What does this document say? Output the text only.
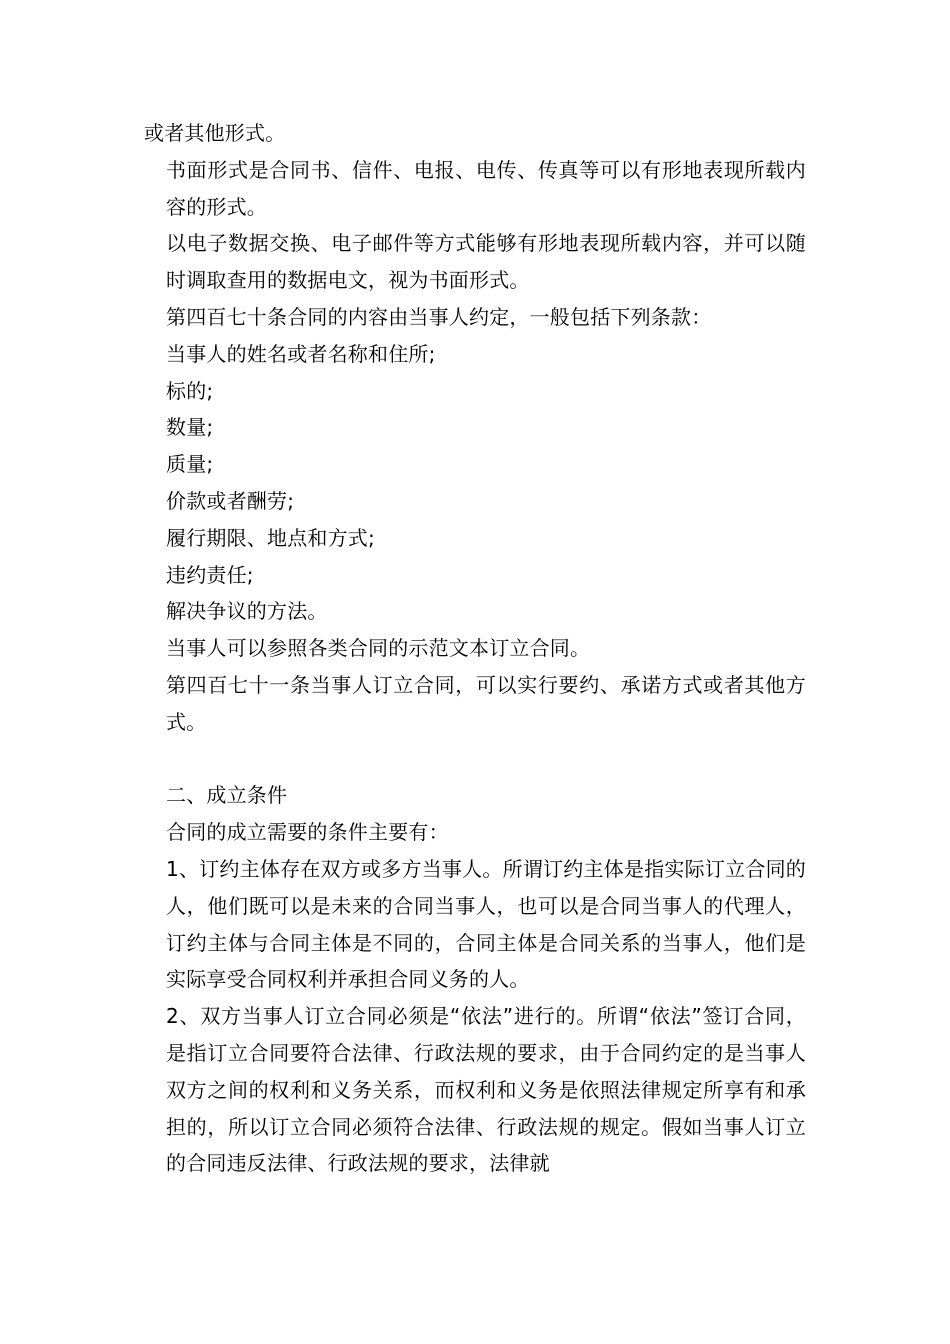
或者其他形式。

书面形式是合同书、信件、电报、电传、传真等可以有形地表现所载内容的形式。

以电子数据交换、电子邮件等方式能够有形地表现所载内容，并可以随时调取查用的数据电文，视为书面形式。

第四百七十条合同的内容由当事人约定，一般包括下列条款：

当事人的姓名或者名称和住所;

标的;

数量;

质量;

价款或者酬劳;

履行期限、地点和方式;

违约责任;

解决争议的方法。

当事人可以参照各类合同的示范文本订立合同。

第四百七十一条当事人订立合同，可以实行要约、承诺方式或者其他方式。

二、成立条件

合同的成立需要的条件主要有：

1、订约主体存在双方或多方当事人。所谓订约主体是指实际订立合同的人，他们既可以是未来的合同当事人，也可以是合同当事人的代理人，订约主体与合同主体是不同的，合同主体是合同关系的当事人，他们是实际享受合同权利并承担合同义务的人。

2、双方当事人订立合同必须是“依法”进行的。所谓“依法”签订合同，是指订立合同要符合法律、行政法规的要求，由于合同约定的是当事人双方之间的权利和义务关系，而权利和义务是依照法律规定所享有和承担的，所以订立合同必须符合法律、行政法规的规定。假如当事人订立的合同违反法律、行政法规的要求，法律就
